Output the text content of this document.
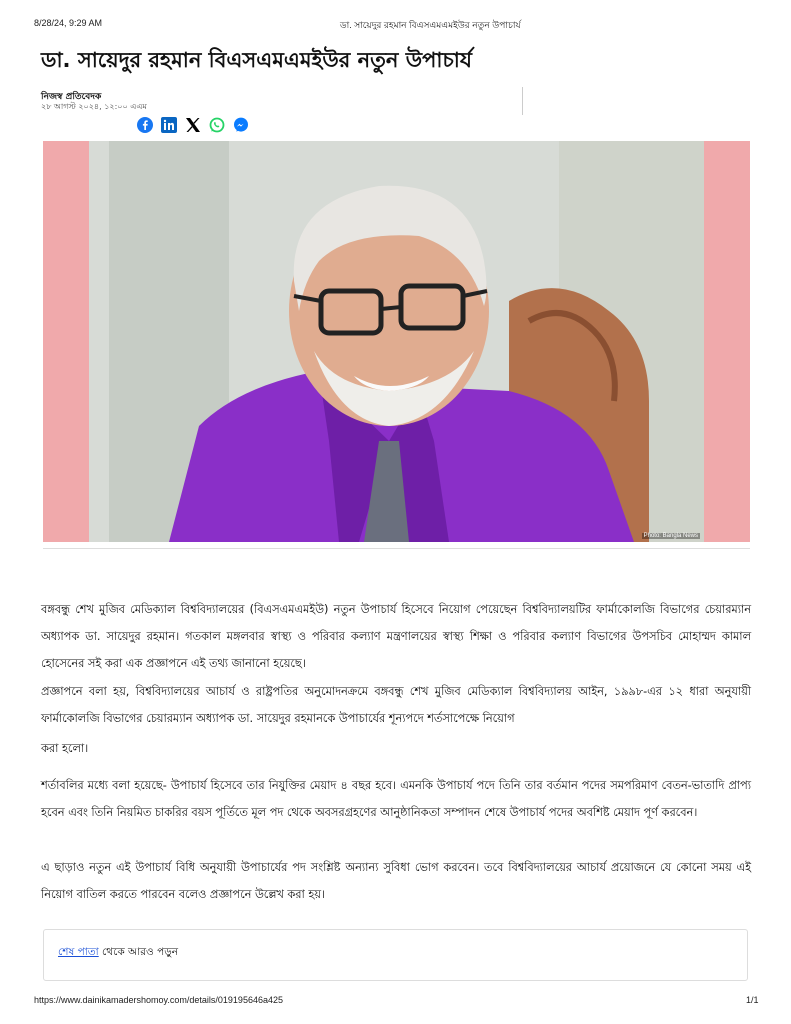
8/28/24, 9:29 AM	ডা. সায়েদুর রহমান বিএসএমএমইউর নতুন উপাচার্য
ডা. সায়েদুর রহমান বিএসএমএমইউর নতুন উপাচার্য
নিজস্ব প্রতিবেদক
২৮ আগস্ট ২০২৪, ১২:০০ এএম
Photo: Bangla News
বঙ্গবন্ধু শেখ মুজিব মেডিক্যাল বিশ্ববিদ্যালয়ের (বিএসএমএমইউ) নতুন উপাচার্য হিসেবে নিয়োগ পেয়েছেন বিশ্ববিদ্যালয়টির ফার্মাকোলজি বিভাগের চেয়ারম্যান অধ্যাপক ডা. সায়েদুর রহমান। গতকাল মঙ্গলবার স্বাস্থ্য ও পরিবার কল্যাণ মন্ত্রণালয়ের স্বাস্থ্য শিক্ষা ও পরিবার কল্যাণ বিভাগের উপসচিব মোহাম্মদ কামাল হোসেনের সই করা এক প্রজ্ঞাপনে এই তথ্য জানানো হয়েছে।
প্রজ্ঞাপনে বলা হয়, বিশ্ববিদ্যালয়ের আচার্য ও রাষ্ট্রপতির অনুমোদনক্রমে বঙ্গবন্ধু শেখ মুজিব মেডিক্যাল বিশ্ববিদ্যালয় আইন, ১৯৯৮-এর ১২ ধারা অনুযায়ী ফার্মাকোলজি বিভাগের চেয়ারম্যান অধ্যাপক ডা. সায়েদুর রহমানকে উপাচার্যের শূন্যপদে শর্তসাপেক্ষে নিয়োগ
করা হলো।
শর্তাবলির মধ্যে বলা হয়েছে- উপাচার্য হিসেবে তার নিযুক্তির মেয়াদ ৪ বছর হবে। এমনকি উপাচার্য পদে তিনি তার বর্তমান পদের সমপরিমাণ বেতন-ভাতাদি প্রাপ্য হবেন এবং তিনি নিয়মিত চাকরির বয়স পূর্তিতে মূল পদ থেকে অবসরগ্রহণের আনুষ্ঠানিকতা সম্পাদন শেষে উপাচার্য পদের অবশিষ্ট মেয়াদ পূর্ণ করবেন।
এ ছাড়াও নতুন এই উপাচার্য বিধি অনুযায়ী উপাচার্যের পদ সংশ্লিষ্ট অন্যান্য সুবিধা ভোগ করবেন। তবে বিশ্ববিদ্যালয়ের আচার্য প্রয়োজনে যে কোনো সময় এই নিয়োগ বাতিল করতে পারবেন বলেও প্রজ্ঞাপনে উল্লেখ করা হয়।
শেষ পাতা থেকে আরও পড়ুন
https://www.dainikamadershomoy.com/details/019195646a425	1/1
